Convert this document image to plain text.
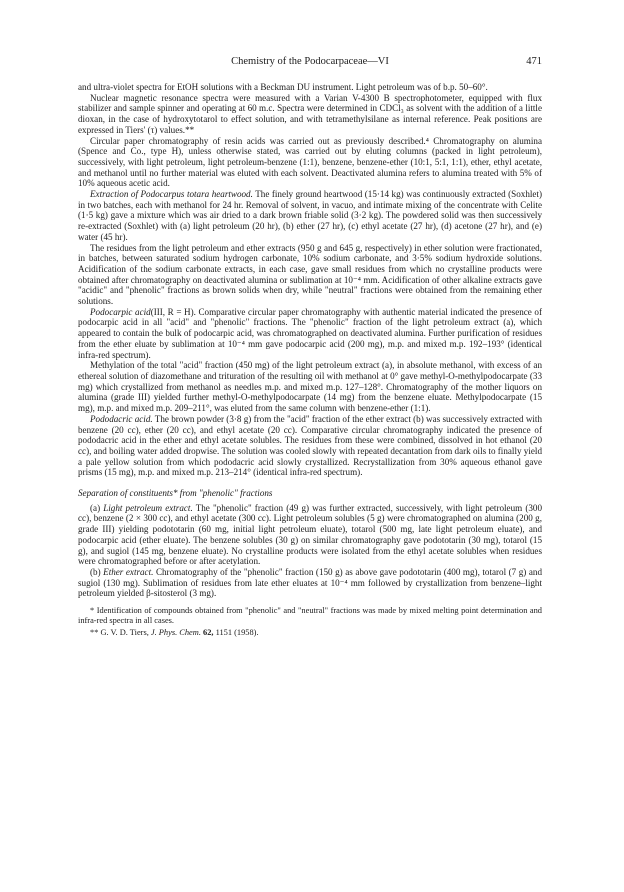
Chemistry of the Podocarpaceae—VI	471

and ultra-violet spectra for EtOH solutions with a Beckman DU instrument. Light petroleum was of b.p. 50–60°.

Nuclear magnetic resonance spectra were measured with a Varian V-4300 B spectrophotometer, equipped with flux stabilizer and sample spinner and operating at 60 m.c. Spectra were determined in CDCl₃ as solvent with the addition of a little dioxan, in the case of hydroxytotarol to effect solution, and with tetramethylsilane as internal reference. Peak positions are expressed in Tiers' (τ) values.**

Circular paper chromatography of resin acids was carried out as previously described.⁴ Chromatography on alumina (Spence and Co., type H), unless otherwise stated, was carried out by eluting columns (packed in light petroleum), successively, with light petroleum, light petroleum-benzene (1:1), benzene, benzene-ether (10:1, 5:1, 1:1), ether, ethyl acetate, and methanol until no further material was eluted with each solvent. Deactivated alumina refers to alumina treated with 5% of 10% aqueous acetic acid.

Extraction of Podocarpus totara heartwood. The finely ground heartwood (15·14 kg) was continuously extracted (Soxhlet) in two batches, each with methanol for 24 hr. Removal of solvent, in vacuo, and intimate mixing of the concentrate with Celite (1·5 kg) gave a mixture which was air dried to a dark brown friable solid (3·2 kg). The powdered solid was then successively re-extracted (Soxhlet) with (a) light petroleum (20 hr), (b) ether (27 hr), (c) ethyl acetate (27 hr), (d) acetone (27 hr), and (e) water (45 hr).

The residues from the light petroleum and ether extracts (950 g and 645 g, respectively) in ether solution were fractionated, in batches, between saturated sodium hydrogen carbonate, 10% sodium carbonate, and 3·5% sodium hydroxide solutions. Acidification of the sodium carbonate extracts, in each case, gave small residues from which no crystalline products were obtained after chromatography on deactivated alumina or sublimation at 10⁻⁴ mm. Acidification of other alkaline extracts gave "acidic" and "phenolic" fractions as brown solids when dry, while "neutral" fractions were obtained from the remaining ether solutions.

Podocarpic acid(III, R = H). Comparative circular paper chromatography with authentic material indicated the presence of podocarpic acid in all "acid" and "phenolic" fractions. The "phenolic" fraction of the light petroleum extract (a), which appeared to contain the bulk of podocarpic acid, was chromatographed on deactivated alumina. Further purification of residues from the ether eluate by sublimation at 10⁻⁴ mm gave podocarpic acid (200 mg), m.p. and mixed m.p. 192–193° (identical infra-red spectrum).

Methylation of the total "acid" fraction (450 mg) of the light petroleum extract (a), in absolute methanol, with excess of an ethereal solution of diazomethane and trituration of the resulting oil with methanol at 0° gave methyl-O-methylpodocarpate (33 mg) which crystallized from methanol as needles m.p. and mixed m.p. 127–128°. Chromatography of the mother liquors on alumina (grade III) yielded further methyl-O-methylpodocarpate (14 mg) from the benzene eluate. Methylpodocarpate (15 mg), m.p. and mixed m.p. 209–211°, was eluted from the same column with benzene-ether (1:1).

Pododacric acid. The brown powder (3·8 g) from the "acid" fraction of the ether extract (b) was successively extracted with benzene (20 cc), ether (20 cc), and ethyl acetate (20 cc). Comparative circular chromatography indicated the presence of pododacric acid in the ether and ethyl acetate solubles. The residues from these were combined, dissolved in hot ethanol (20 cc), and boiling water added dropwise. The solution was cooled slowly with repeated decantation from dark oils to finally yield a pale yellow solution from which pododacric acid slowly crystallized. Recrystallization from 30% aqueous ethanol gave prisms (15 mg), m.p. and mixed m.p. 213–214° (identical infra-red spectrum).

Separation of constituents* from "phenolic" fractions

(a) Light petroleum extract. The "phenolic" fraction (49 g) was further extracted, successively, with light petroleum (300 cc), benzene (2 × 300 cc), and ethyl acetate (300 cc). Light petroleum solubles (5 g) were chromatographed on alumina (200 g, grade III) yielding podototarin (60 mg, initial light petroleum eluate), totarol (500 mg, late light petroleum eluate), and podocarpic acid (ether eluate). The benzene solubles (30 g) on similar chromatography gave podototarin (30 mg), totarol (15 g), and sugiol (145 mg, benzene eluate). No crystalline products were isolated from the ethyl acetate solubles when residues were chromatographed before or after acetylation.

(b) Ether extract. Chromatography of the "phenolic" fraction (150 g) as above gave podototarin (400 mg), totarol (7 g) and sugiol (130 mg). Sublimation of residues from late ether eluates at 10⁻⁴ mm followed by crystallization from benzene–light petroleum yielded β-sitosterol (3 mg).

* Identification of compounds obtained from "phenolic" and "neutral" fractions was made by mixed melting point determination and infra-red spectra in all cases.

** G. V. D. Tiers, J. Phys. Chem. 62, 1151 (1958).
